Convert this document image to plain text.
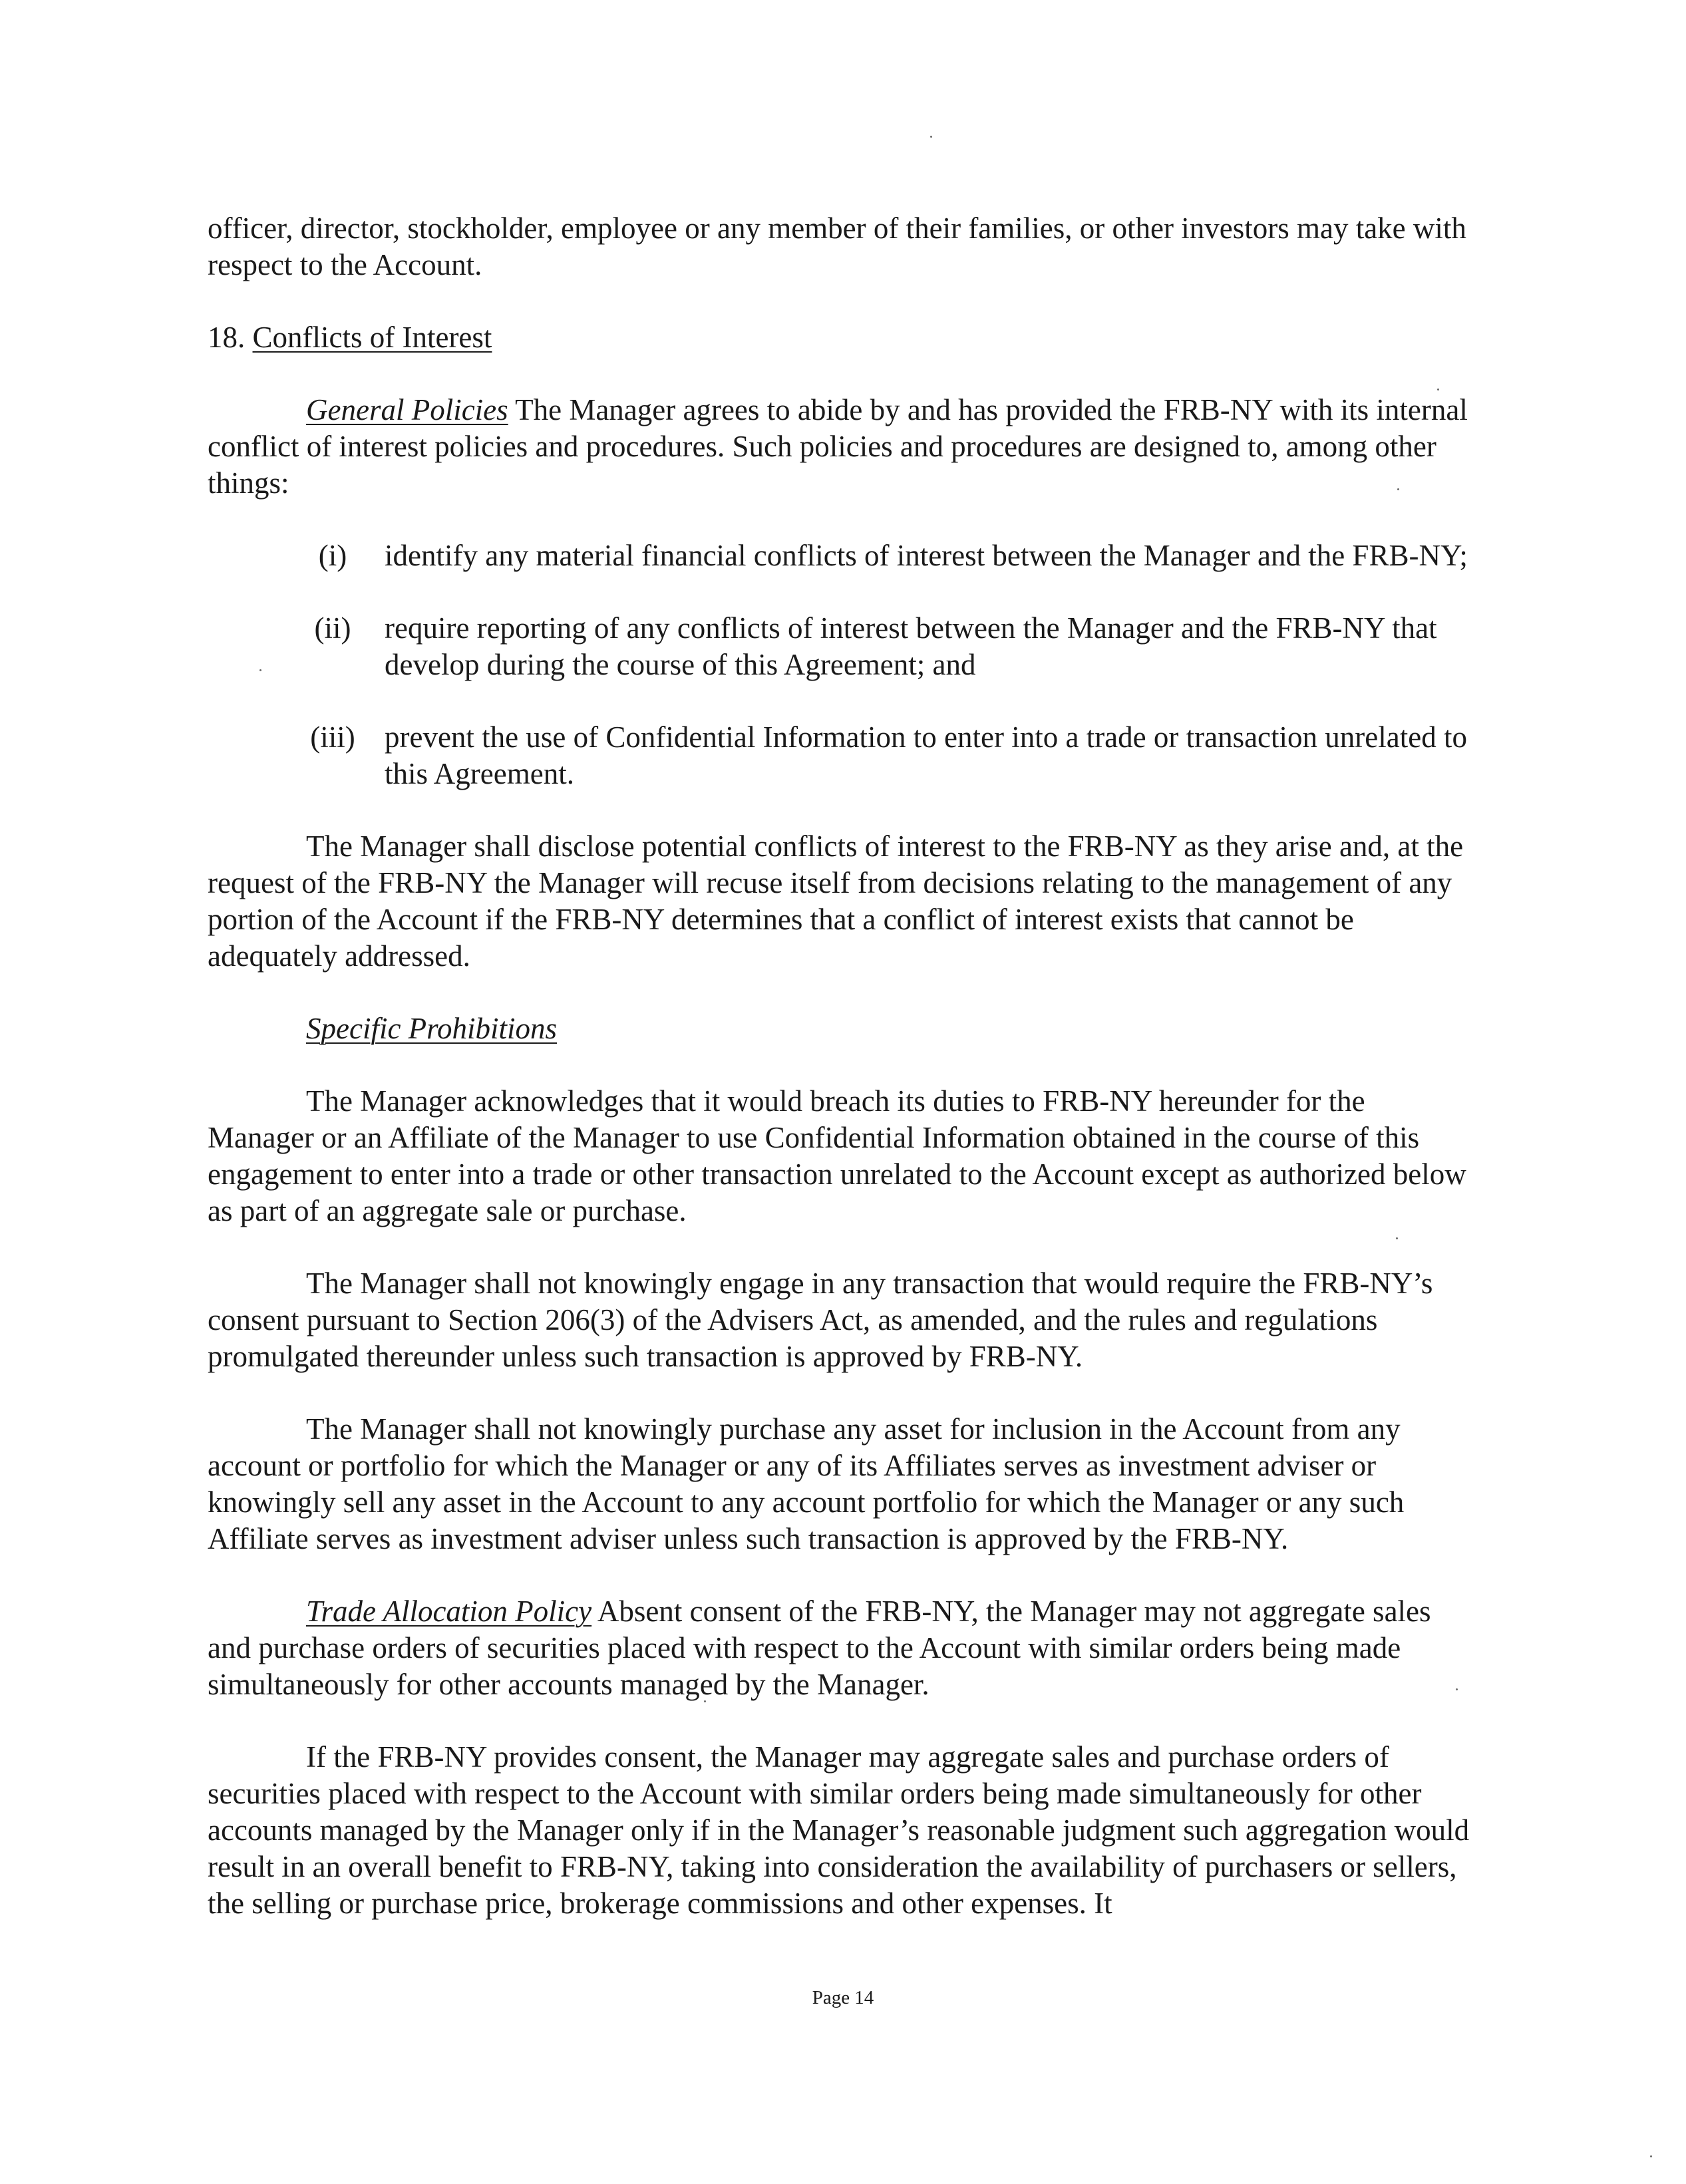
officer, director, stockholder, employee or any member of their families, or other investors may take with respect to the Account.

18. Conflicts of Interest

General Policies The Manager agrees to abide by and has provided the FRB-NY with its internal conflict of interest policies and procedures. Such policies and procedures are designed to, among other things:

(i)	identify any material financial conflicts of interest between the Manager and the FRB-NY;
(ii)	require reporting of any conflicts of interest between the Manager and the FRB-NY that develop during the course of this Agreement; and
(iii) prevent the use of Confidential Information to enter into a trade or transaction unrelated to this Agreement.

The Manager shall disclose potential conflicts of interest to the FRB-NY as they arise and, at the request of the FRB-NY the Manager will recuse itself from decisions relating to the management of any portion of the Account if the FRB-NY determines that a conflict of interest exists that cannot be adequately addressed.

Specific Prohibitions

The Manager acknowledges that it would breach its duties to FRB-NY hereunder for the Manager or an Affiliate of the Manager to use Confidential Information obtained in the course of this engagement to enter into a trade or other transaction unrelated to the Account except as authorized below as part of an aggregate sale or purchase.

The Manager shall not knowingly engage in any transaction that would require the FRB-NY’s consent pursuant to Section 206(3) of the Advisers Act, as amended, and the rules and regulations promulgated thereunder unless such transaction is approved by FRB-NY.

The Manager shall not knowingly purchase any asset for inclusion in the Account from any account or portfolio for which the Manager or any of its Affiliates serves as investment adviser or knowingly sell any asset in the Account to any account portfolio for which the Manager or any such Affiliate serves as investment adviser unless such transaction is approved by the FRB-NY.

Trade Allocation Policy Absent consent of the FRB-NY, the Manager may not aggregate sales and purchase orders of securities placed with respect to the Account with similar orders being made simultaneously for other accounts managed by the Manager.

If the FRB-NY provides consent, the Manager may aggregate sales and purchase orders of securities placed with respect to the Account with similar orders being made simultaneously for other accounts managed by the Manager only if in the Manager’s reasonable judgment such aggregation would result in an overall benefit to FRB-NY, taking into consideration the availability of purchasers or sellers, the selling or purchase price, brokerage commissions and other expenses. It

Page 14
